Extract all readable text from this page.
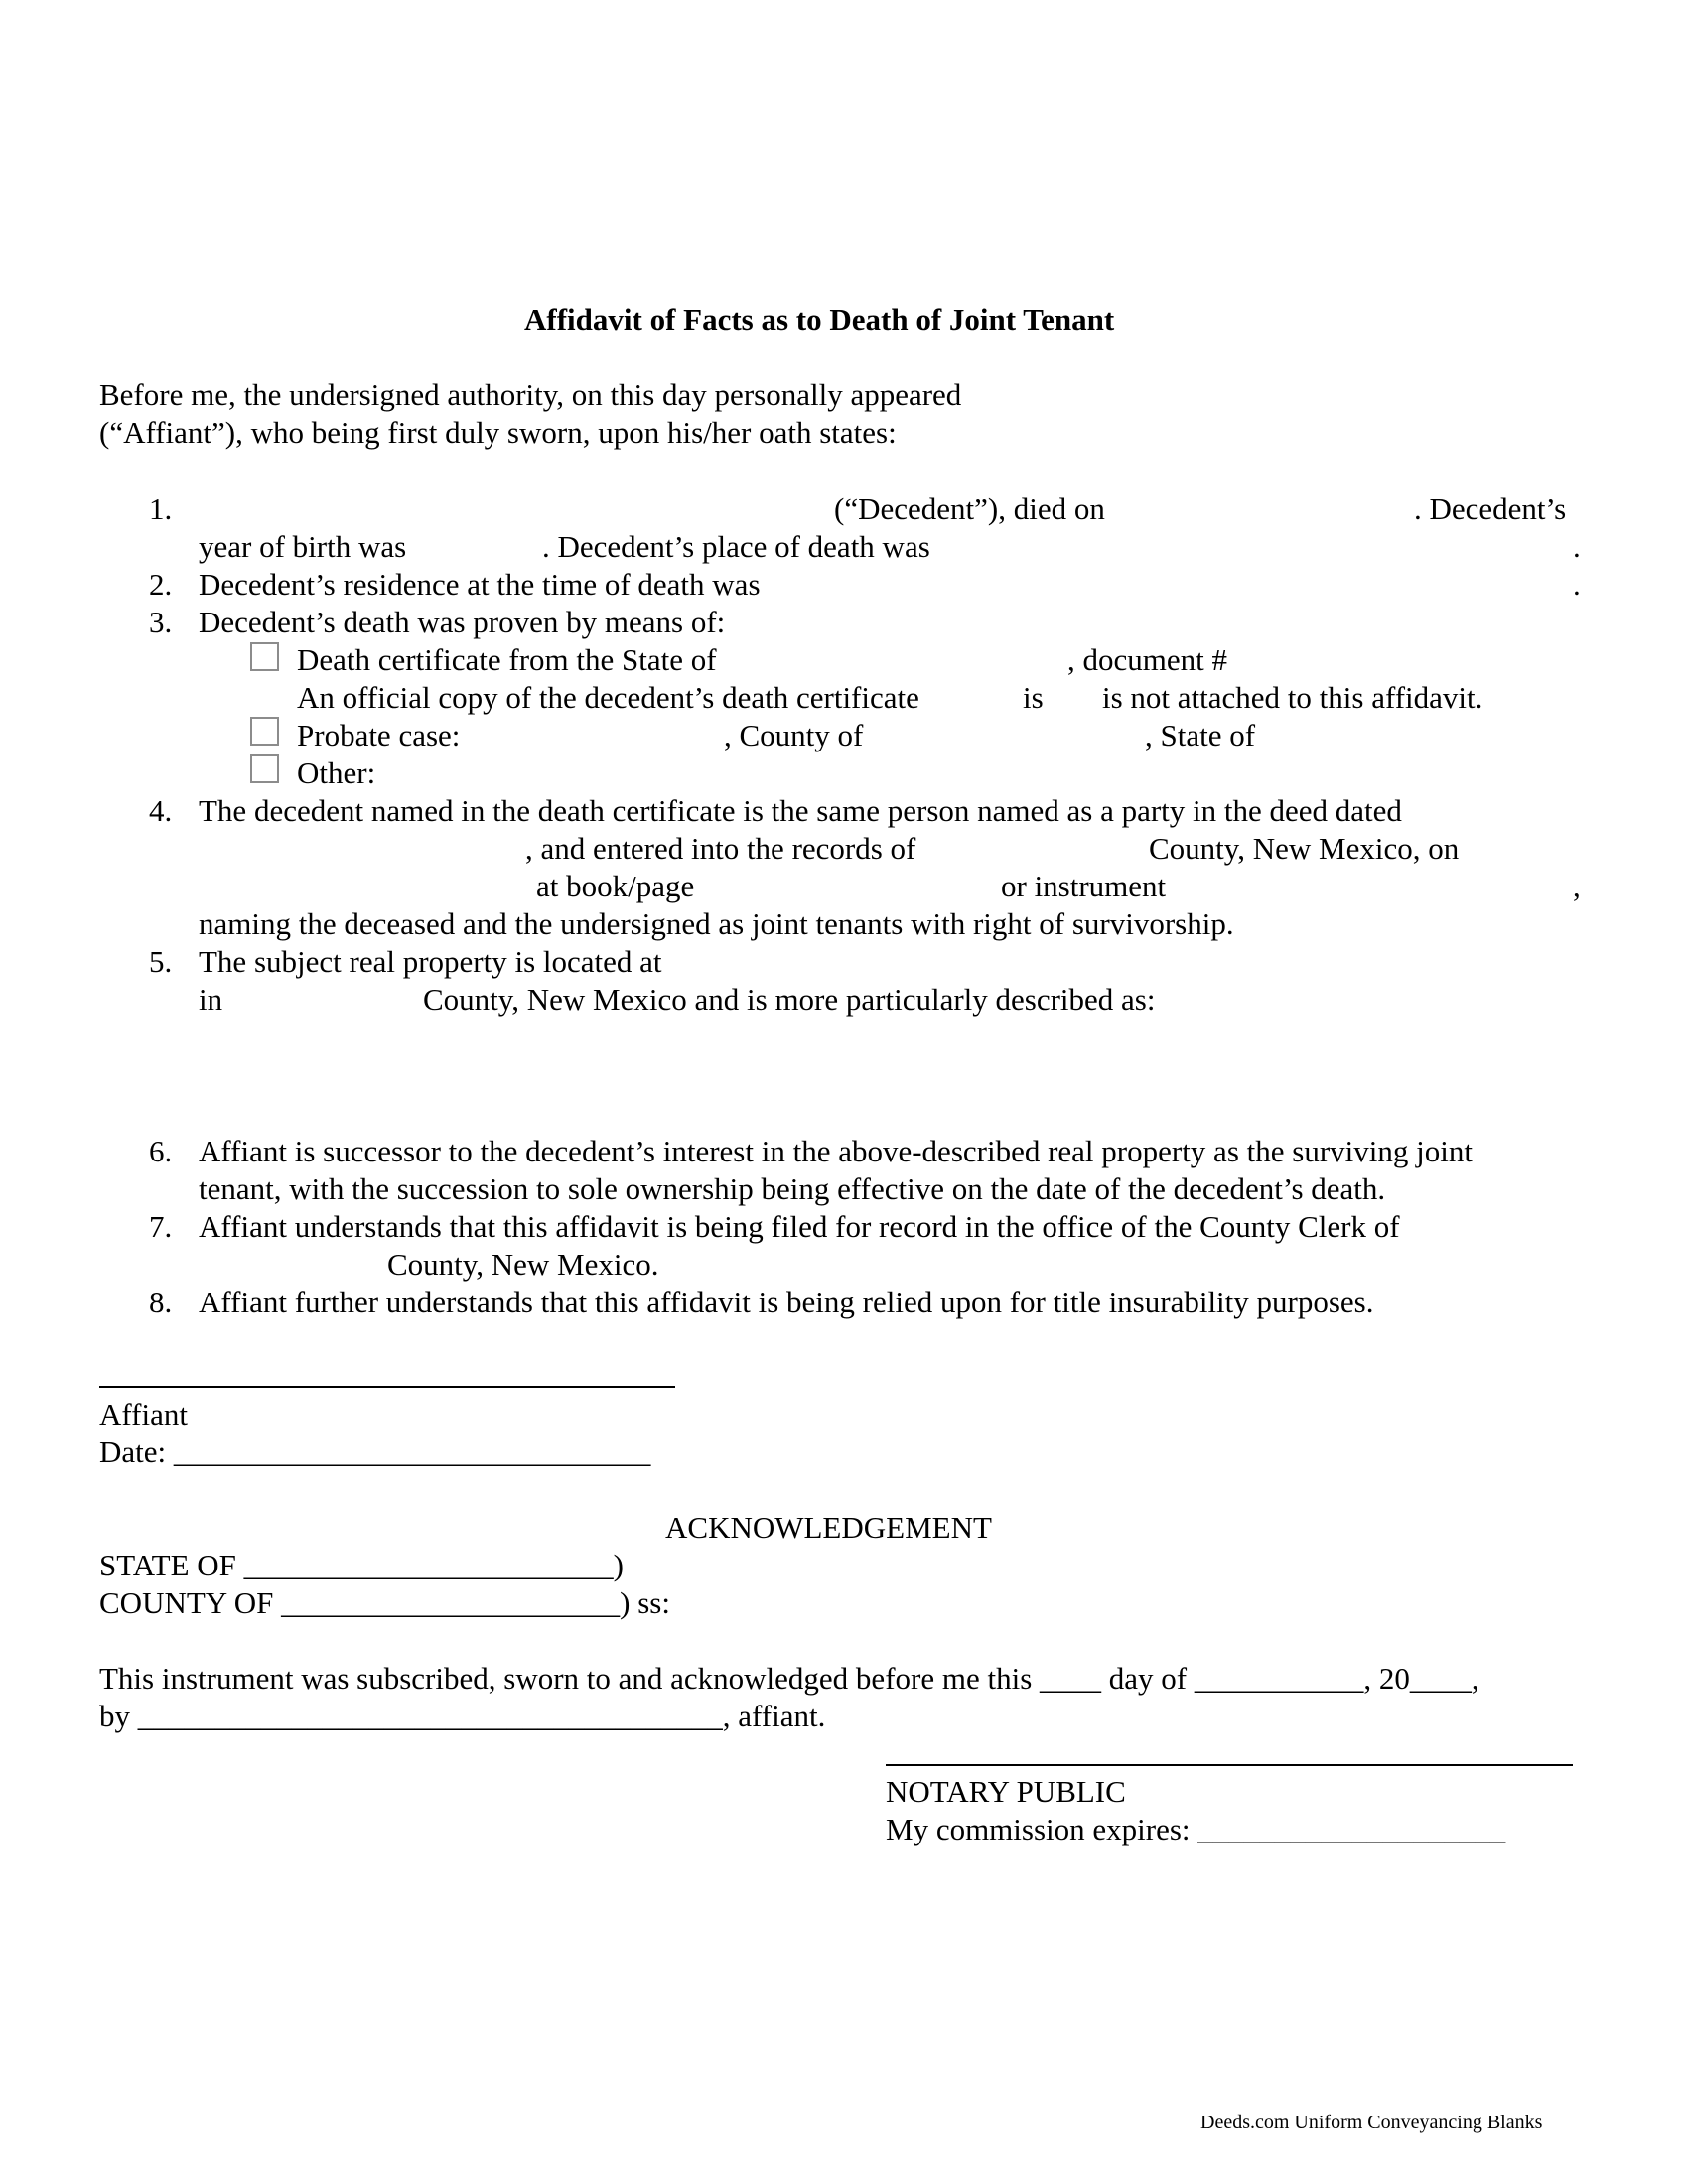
Affidavit of Facts as to Death of Joint Tenant
Before me, the undersigned authority, on this day personally appeared
(“Affiant”), who being first duly sworn, upon his/her oath states:
1.	(“Decedent”), died on	. Decedent’s
year of birth was	. Decedent’s place of death was	.
2. Decedent’s residence at the time of death was	.
3. Decedent’s death was proven by means of:
Death certificate from the State of	, document #
An official copy of the decedent’s death certificate	is is not attached to this affidavit.
Probate case:	, County of	, State of
Other:
4. The decedent named in the death certificate is the same person named as a party in the deed dated
, and entered into the records of	County, New Mexico, on
at book/page	or instrument	,
naming the deceased and the undersigned as joint tenants with right of survivorship.
5. The subject real property is located at
in	County, New Mexico and is more particularly described as:
6. Affiant is successor to the decedent’s interest in the above-described real property as the surviving joint
tenant, with the succession to sole ownership being effective on the date of the decedent’s death.
7. Affiant understands that this affidavit is being filed for record in the office of the County Clerk of
County, New Mexico.
8. Affiant further understands that this affidavit is being relied upon for title insurability purposes.
Affiant
Date: _______________________________
ACKNOWLEDGEMENT
STATE OF ________________________)
COUNTY OF ______________________) ss:
This instrument was subscribed, sworn to and acknowledged before me this ____ day of ___________, 20____,
by ______________________________________, affiant.
NOTARY PUBLIC
My commission expires: ____________________
Deeds.com Uniform Conveyancing Blanks
